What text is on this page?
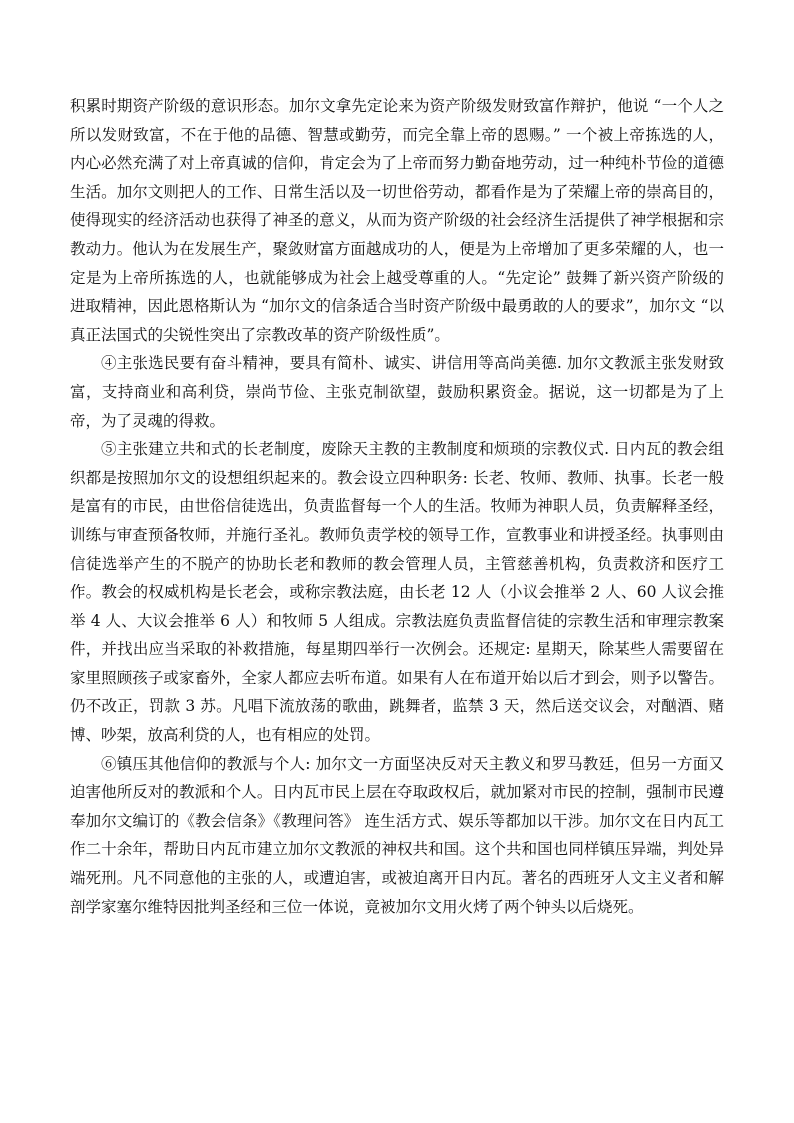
积累时期资产阶级的意识形态。加尔文拿先定论来为资产阶级发财致富作辩护，他说 “一个人之所以发财致富，不在于他的品德、智慧或勤劳，而完全靠上帝的恩赐。” 一个被上帝拣选的人，内心必然充满了对上帝真诚的信仰，肯定会为了上帝而努力勤奋地劳动，过一种纯朴节俭的道德生活。加尔文则把人的工作、日常生活以及一切世俗劳动，都看作是为了荣耀上帝的崇高目的，使得现实的经济活动也获得了神圣的意义，从而为资产阶级的社会经济生活提供了神学根据和宗教动力。他认为在发展生产，聚敛财富方面越成功的人，便是为上帝增加了更多荣耀的人，也一定是为上帝所拣选的人，也就能够成为社会上越受尊重的人。“先定论” 鼓舞了新兴资产阶级的进取精神，因此恩格斯认为 “加尔文的信条适合当时资产阶级中最勇敢的人的要求”，加尔文 “以真正法国式的尖锐性突出了宗教改革的资产阶级性质”。

④主张选民要有奋斗精神，要具有简朴、诚实、讲信用等高尚美德. 加尔文教派主张发财致富，支持商业和高利贷，崇尚节俭、主张克制欲望，鼓励积累资金。据说，这一切都是为了上帝，为了灵魂的得救。

⑤主张建立共和式的长老制度，废除天主教的主教制度和烦琐的宗教仪式. 日内瓦的教会组织都是按照加尔文的设想组织起来的。教会设立四种职务: 长老、牧师、教师、执事。长老一般是富有的市民，由世俗信徒选出，负责监督每一个人的生活。牧师为神职人员，负责解释圣经，训练与审查预备牧师，并施行圣礼。教师负责学校的领导工作，宣教事业和讲授圣经。执事则由信徒选举产生的不脱产的协助长老和教师的教会管理人员，主管慈善机构，负责救济和医疗工作。教会的权威机构是长老会，或称宗教法庭，由长老 12 人（小议会推举 2 人、60 人议会推举 4 人、大议会推举 6 人）和牧师 5 人组成。宗教法庭负责监督信徒的宗教生活和审理宗教案件，并找出应当采取的补救措施，每星期四举行一次例会。还规定: 星期天，除某些人需要留在家里照顾孩子或家畜外，全家人都应去听布道。如果有人在布道开始以后才到会，则予以警告。仍不改正，罚款 3 苏。凡唱下流放荡的歌曲，跳舞者，监禁 3 天，然后送交议会，对酗酒、赌博、吵架，放高利贷的人，也有相应的处罚。

⑥镇压其他信仰的教派与个人: 加尔文一方面坚决反对天主教义和罗马教廷，但另一方面又迫害他所反对的教派和个人。日内瓦市民上层在夺取政权后，就加紧对市民的控制，强制市民遵奉加尔文编订的《教会信条》《教理问答》 连生活方式、娱乐等都加以干涉。加尔文在日内瓦工作二十余年，帮助日内瓦市建立加尔文教派的神权共和国。这个共和国也同样镇压异端，判处异端死刑。凡不同意他的主张的人，或遭迫害，或被迫离开日内瓦。著名的西班牙人文主义者和解剖学家塞尔维特因批判圣经和三位一体说，竟被加尔文用火烤了两个钟头以后烧死。
